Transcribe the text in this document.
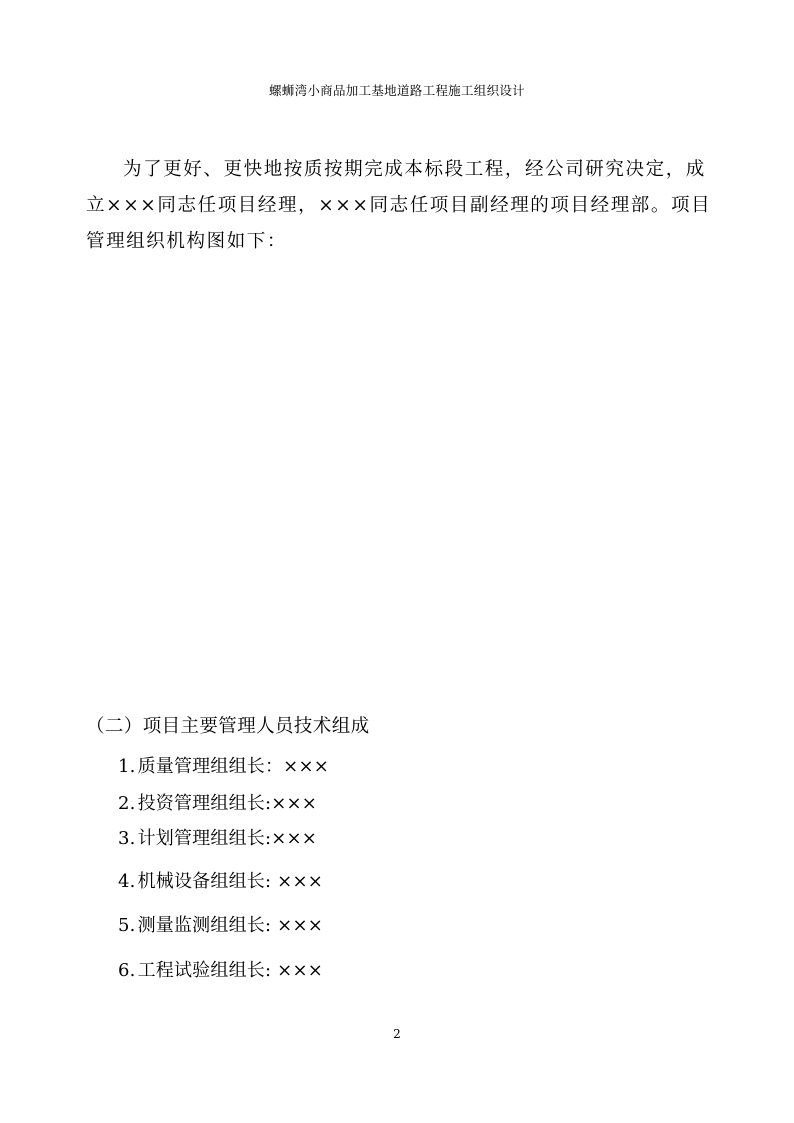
螺蛳湾小商品加工基地道路工程施工组织设计

为了更好、更快地按质按期完成本标段工程，经公司研究决定，成立×××同志任项目经理，×××同志任项目副经理的项目经理部。项目管理组织机构图如下：

（二）项目主要管理人员技术组成
1. 质量管理组组长：×××
2. 投资管理组组长:×××
3. 计划管理组组长:×××
4. 机械设备组组长: ×××
5. 测量监测组组长: ×××
6. 工程试验组组长: ×××
2
